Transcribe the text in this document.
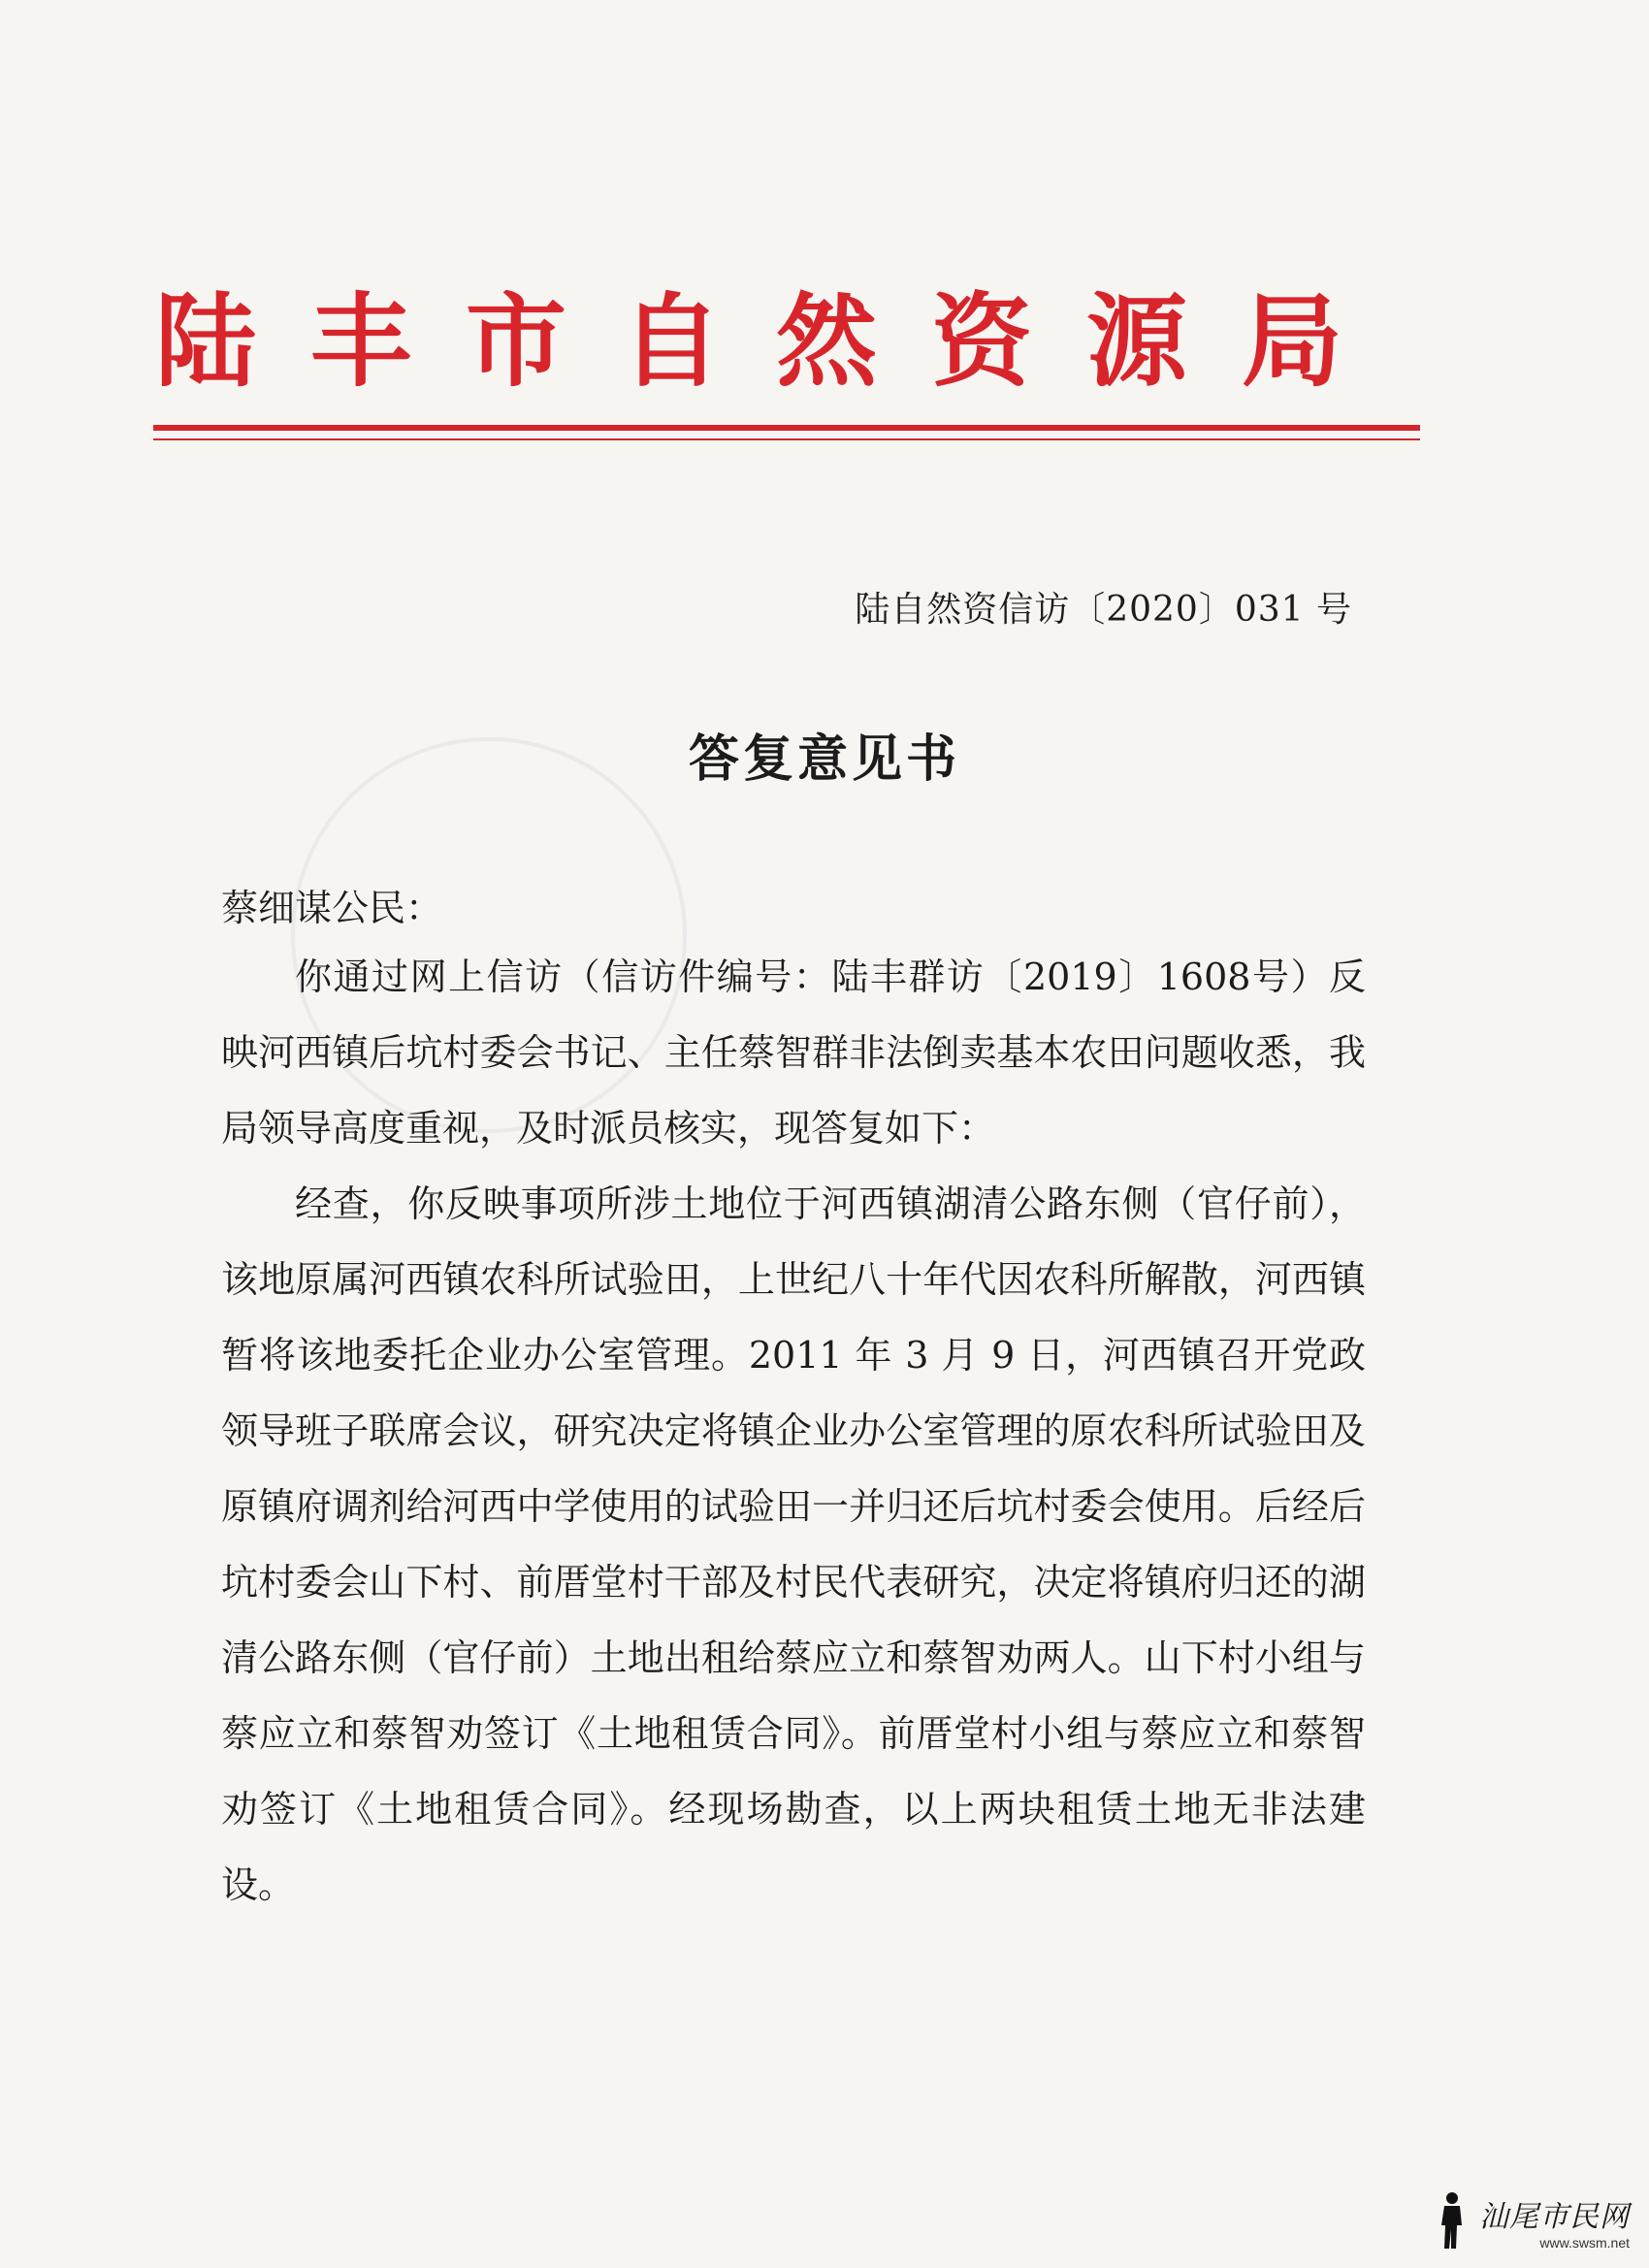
陆丰市自然资源局
陆自然资信访〔2020〕031 号
答复意见书
蔡细谋公民：

你通过网上信访（信访件编号：陆丰群访〔2019〕1608号）反映河西镇后坑村委会书记、主任蔡智群非法倒卖基本农田问题收悉，我局领导高度重视，及时派员核实，现答复如下：

经查，你反映事项所涉土地位于河西镇湖清公路东侧（官仔前），该地原属河西镇农科所试验田，上世纪八十年代因农科所解散，河西镇暂将该地委托企业办公室管理。2011 年 3 月 9 日，河西镇召开党政领导班子联席会议，研究决定将镇企业办公室管理的原农科所试验田及原镇府调剂给河西中学使用的试验田一并归还后坑村委会使用。后经后坑村委会山下村、前厝堂村干部及村民代表研究，决定将镇府归还的湖清公路东侧（官仔前）土地出租给蔡应立和蔡智劝两人。山下村小组与蔡应立和蔡智劝签订《土地租赁合同》。前厝堂村小组与蔡应立和蔡智劝签订《土地租赁合同》。经现场勘查，以上两块租赁土地无非法建设。

汕尾市民网
www.swsm.net
